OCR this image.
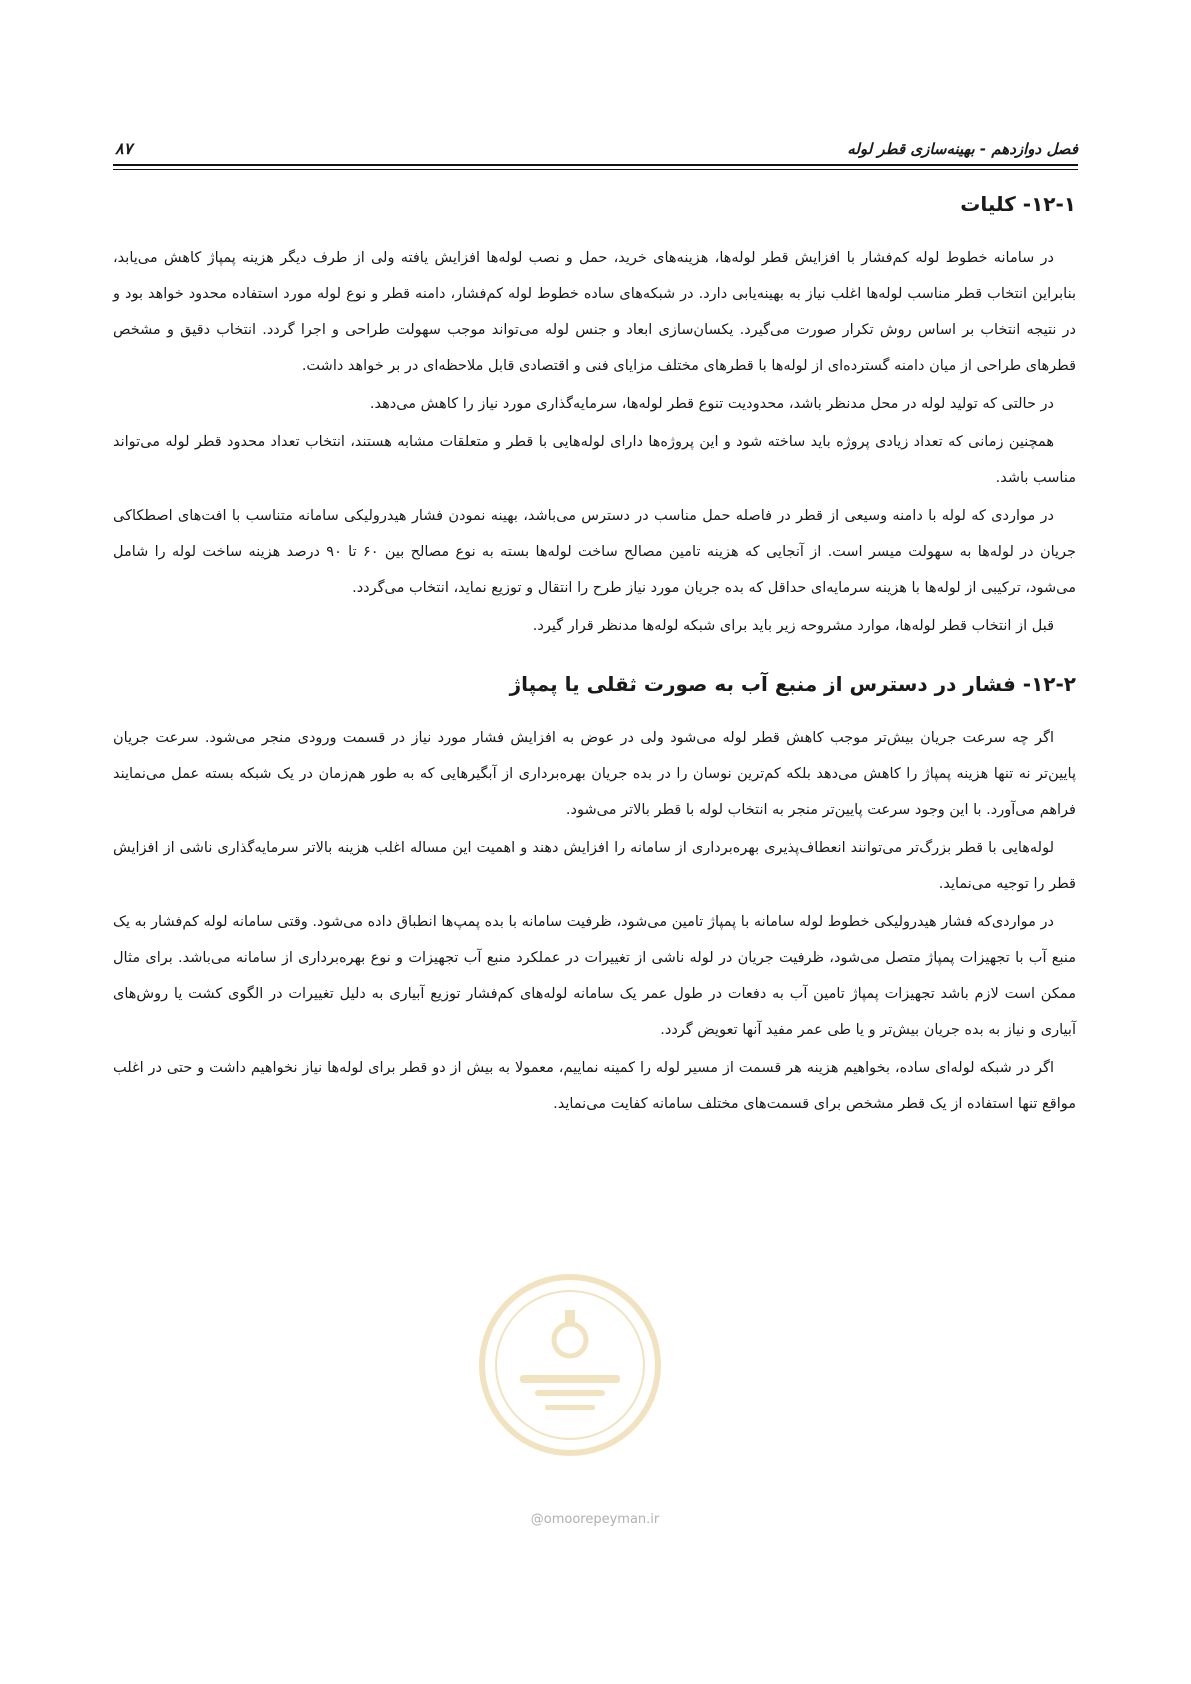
فصل دوازدهم - بهینه‌سازی قطر لوله
۸۷
۱۲-۱- کلیات

در سامانه خطوط لوله کم‌فشار با افزایش قطر لوله‌ها، هزینه‌های خرید، حمل و نصب لوله‌ها افزایش یافته ولی از طرف دیگر هزینه پمپاژ کاهش می‌یابد، بنابراین انتخاب قطر مناسب لوله‌ها اغلب نیاز به بهینه‌یابی دارد. در شبکه‌های ساده خطوط لوله کم‌فشار، دامنه قطر و نوع لوله مورد استفاده محدود خواهد بود و در نتیجه انتخاب بر اساس روش تکرار صورت می‌گیرد. یکسان‌سازی ابعاد و جنس لوله می‌تواند موجب سهولت طراحی و اجرا گردد. انتخاب دقیق و مشخص قطرهای طراحی از میان دامنه گسترده‌ای از لوله‌ها با قطرهای مختلف مزایای فنی و اقتصادی قابل ملاحظه‌ای در بر خواهد داشت.

در حالتی که تولید لوله در محل مدنظر باشد، محدودیت تنوع قطر لوله‌ها، سرمایه‌گذاری مورد نیاز را کاهش می‌دهد.

همچنین زمانی که تعداد زیادی پروژه باید ساخته شود و این پروژه‌ها دارای لوله‌هایی با قطر و متعلقات مشابه هستند، انتخاب تعداد محدود قطر لوله می‌تواند مناسب باشد.

در مواردی که لوله با دامنه وسیعی از قطر در فاصله حمل مناسب در دسترس می‌باشد، بهینه نمودن فشار هیدرولیکی سامانه متناسب با افت‌های اصطکاکی جریان در لوله‌ها به سهولت میسر است. از آنجایی که هزینه تامین مصالح ساخت لوله‌ها بسته به نوع مصالح بین ۶۰ تا ۹۰ درصد هزینه ساخت لوله را شامل می‌شود، ترکیبی از لوله‌ها با هزینه سرمایه‌ای حداقل که بده جریان مورد نیاز طرح را انتقال و توزیع نماید، انتخاب می‌گردد.

قبل از انتخاب قطر لوله‌ها، موارد مشروحه زیر باید برای شبکه لوله‌ها مدنظر قرار گیرد.

۱۲-۲- فشار در دسترس از منبع آب به صورت ثقلی یا پمپاژ

اگر چه سرعت جریان بیش‌تر موجب کاهش قطر لوله می‌شود ولی در عوض به افزایش فشار مورد نیاز در قسمت ورودی منجر می‌شود. سرعت جریان پایین‌تر نه تنها هزینه پمپاژ را کاهش می‌دهد بلکه کم‌ترین نوسان را در بده جریان بهره‌برداری از آبگیرهایی که به طور هم‌زمان در یک شبکه بسته عمل می‌نمایند فراهم می‌آورد. با این وجود سرعت پایین‌تر منجر به انتخاب لوله با قطر بالاتر می‌شود.

لوله‌هایی با قطر بزرگ‌تر می‌توانند انعطاف‌پذیری بهره‌برداری از سامانه را افزایش دهند و اهمیت این مساله اغلب هزینه بالاتر سرمایه‌گذاری ناشی از افزایش قطر را توجیه می‌نماید.

در مواردی‌که فشار هیدرولیکی خطوط لوله سامانه با پمپاژ تامین می‌شود، ظرفیت سامانه با بده پمپ‌ها انطباق داده می‌شود. وقتی سامانه لوله کم‌فشار به یک منبع آب با تجهیزات پمپاژ متصل می‌شود، ظرفیت جریان در لوله ناشی از تغییرات در عملکرد منبع آب تجهیزات و نوع بهره‌برداری از سامانه می‌باشد. برای مثال ممکن است لازم باشد تجهیزات پمپاژ تامین آب به دفعات در طول عمر یک سامانه لوله‌های کم‌فشار توزیع آبیاری به دلیل تغییرات در الگوی کشت یا روش‌های آبیاری و نیاز به بده جریان بیش‌تر و یا طی عمر مفید آنها تعویض گردد.

اگر در شبکه لوله‌ای ساده، بخواهیم هزینه هر قسمت از مسیر لوله را کمینه نماییم، معمولا به بیش از دو قطر برای لوله‌ها نیاز نخواهیم داشت و حتی در اغلب مواقع تنها استفاده از یک قطر مشخص برای قسمت‌های مختلف سامانه کفایت می‌نماید.

@omoorepeyman.ir
